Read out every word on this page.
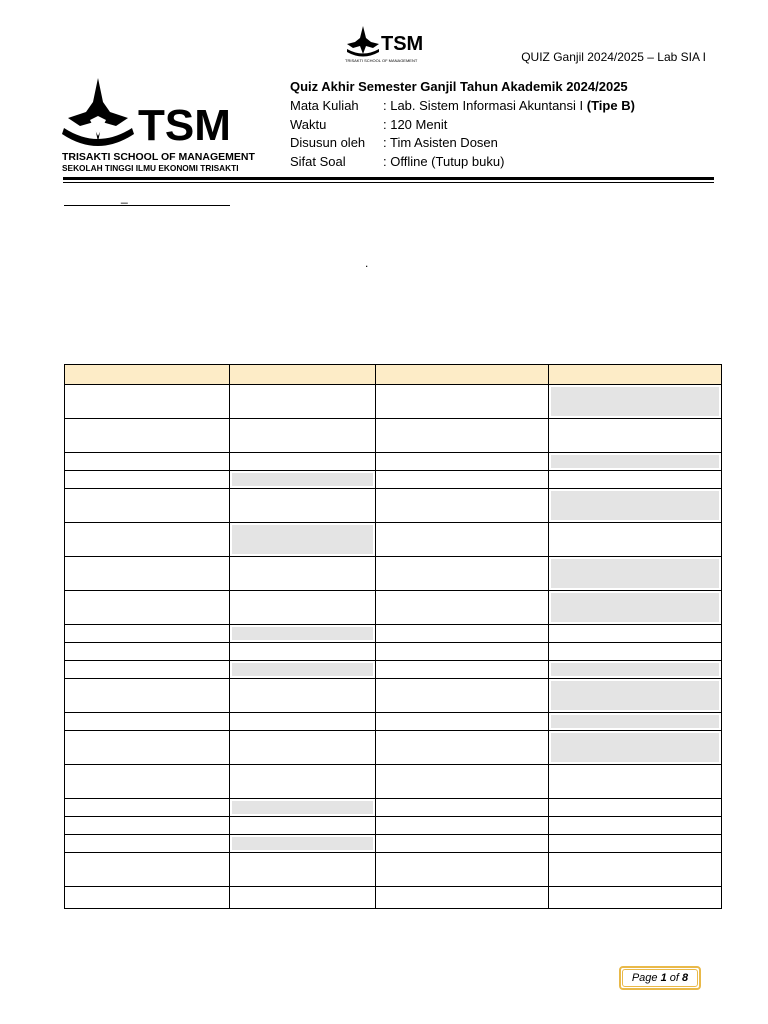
TSM
TRISAKTI SCHOOL OF MANAGEMENT	QUIZ Ganjil 2024/2025 – Lab SIA I
TSM
TRISAKTI SCHOOL OF MANAGEMENT
SEKOLAH TINGGI ILMU EKONOMI TRISAKTI
Quiz Akhir Semester Ganjil Tahun Akademik 2024/2025
Mata Kuliah	: Lab. Sistem Informasi Akuntansi I (Tipe B)
Waktu	: 120 Menit
Disusun oleh	: Tim Asisten Dosen
Sifat Soal	: Offline (Tutup buku)
_
.
Page 1 of 8
